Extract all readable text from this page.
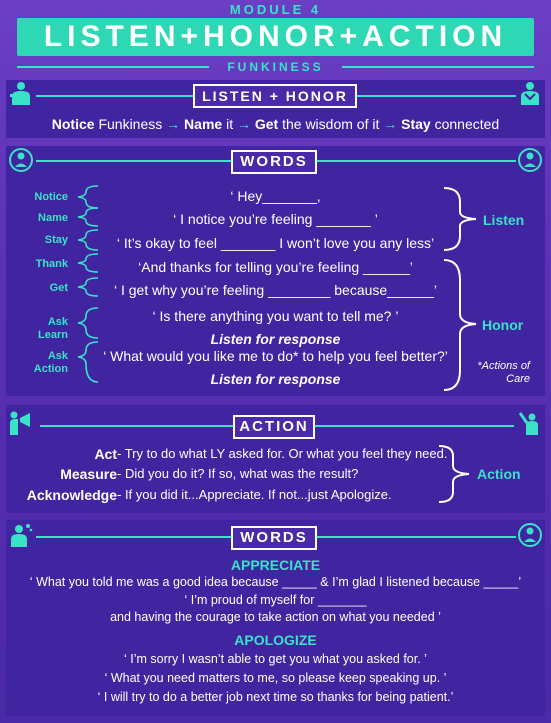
MODULE 4
LISTEN+HONOR+ACTION
FUNKINESS
LISTEN + HONOR
Notice Funkiness → Name it → Get the wisdom of it → Stay connected
WORDS
Notice
Name
Stay
Thank
Get
Ask Learn
Ask Action
‘ Hey_______,
‘ I notice you’re feeling _______ ’
‘ It’s okay to feel _______ I won’t love you any less’
‘And thanks for telling you’re feeling ______’
‘ I get why you’re feeling ________ because______’
‘ Is there anything you want to tell me? ’
Listen for response
‘ What would you like me to do* to help you feel better?’
Listen for response
Listen
Honor
*Actions of Care
ACTION
Act - Try to do what LY asked for. Or what you feel they need.
Measure - Did you do it? If so, what was the result?
Acknowledge - If you did it...Appreciate. If not...just Apologize.
Action
WORDS
APPRECIATE
‘ What you told me was a good idea because _____ & I’m glad I listened because _____’
‘ I’m proud of myself for _______
and having the courage to take action on what you needed ’
APOLOGIZE
‘ I’m sorry I wasn’t able to get you what you asked for. ’
‘ What you need matters to me, so please keep speaking up. ’
‘ I will try to do a better job next time so thanks for being patient.’
